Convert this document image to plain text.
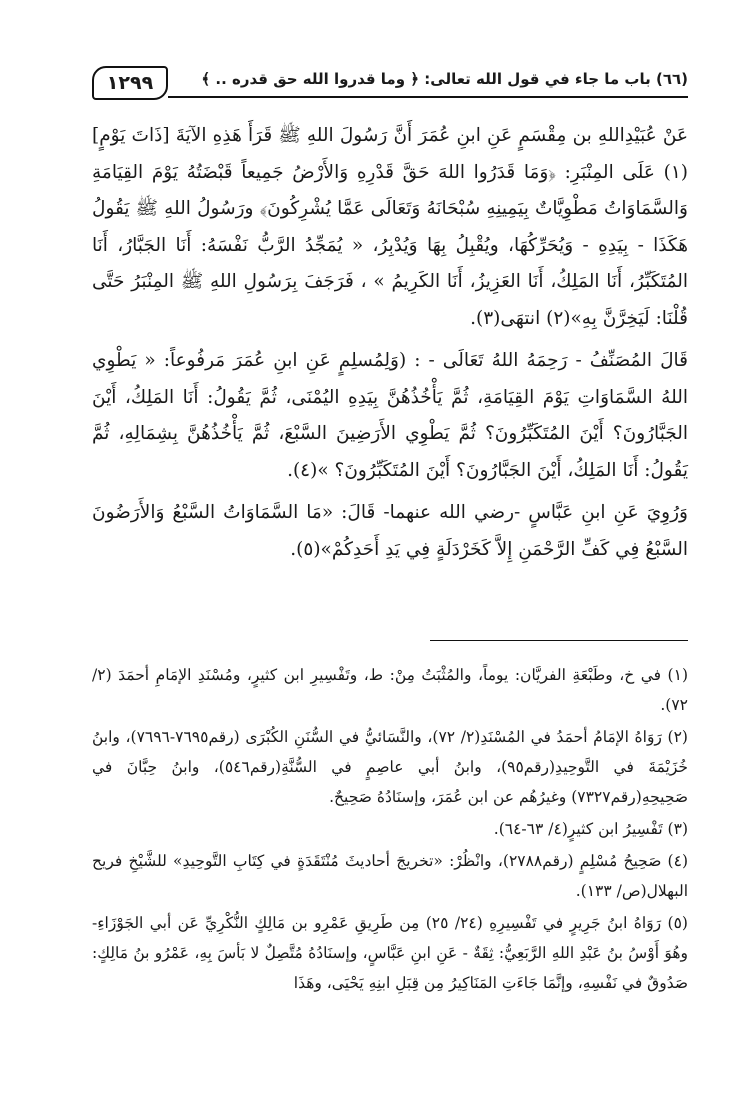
(٦٦) باب ما جاء في قول الله تعالى: ﴿ وما قدروا الله حق قدره .. ﴾
١٢٩٩

عَنْ عُبَيْدِاللهِ بن مِقْسَمٍ عَنِ ابنِ عُمَرَ أَنَّ رَسُولَ اللهِ ﷺ قَرَأَ هَذِهِ الآيَةَ [ذَاتَ يَوْمٍ](١) عَلَى المِنْبَرِ: ﴿وَمَا قَدَرُوا اللهَ حَقَّ قَدْرِهِ وَالأَرْضُ جَمِيعاً قَبْضَتُهُ يَوْمَ القِيَامَةِ وَالسَّمَاوَاتُ مَطْوِيَّاتٌ بِيَمِينِهِ سُبْحَانَهُ وَتَعَالَى عَمَّا يُشْرِكُونَ﴾ ورَسُولُ اللهِ ﷺ يَقُولُ هَكَذَا - بِيَدِهِ - وَيُحَرِّكُهَا، ويُقْبِلُ بِهَا وَيُدْبِرُ، « يُمَجِّدُ الرَّبُّ نَفْسَهُ: أَنَا الجَبَّارُ، أَنَا المُتَكَبِّرُ، أَنَا المَلِكُ، أَنَا العَزِيزُ، أَنَا الكَرِيمُ » ، فَرَجَفَ بِرَسُولِ اللهِ ﷺ المِنْبَرُ حَتَّى قُلْنَا: لَيَخِرَّنَّ بِهِ»(٢) انتهَى(٣).

قَالَ المُصَنِّفُ - رَحِمَهُ اللهُ تَعَالَى - : (وَلِمُسلِمٍ عَنِ ابنِ عُمَرَ مَرفُوعاً: « يَطْوِي اللهُ السَّمَاوَاتِ يَوْمَ القِيَامَةِ، ثُمَّ يَأْخُذُهُنَّ بِيَدِهِ اليُمْنَى، ثُمَّ يَقُولُ: أَنَا المَلِكُ، أَيْنَ الجَبَّارُونَ؟ أَيْنَ المُتَكَبِّرُونَ؟ ثُمَّ يَطْوِي الأَرَضِينَ السَّبْعَ، ثُمَّ يَأْخُذُهُنَّ بِشِمَالِهِ، ثُمَّ يَقُولُ: أَنَا المَلِكُ، أَيْنَ الجَبَّارُونَ؟ أَيْنَ المُتَكَبِّرُونَ؟ »(٤).

وَرُوِيَ عَنِ ابنِ عَبَّاسٍ -رضي الله عنهما- قَالَ: «مَا السَّمَاوَاتُ السَّبْعُ وَالأَرَضُونَ السَّبْعُ فِي كَفِّ الرَّحْمَنِ إِلاَّ كَخَرْدَلَةٍ فِي يَدِ أَحَدِكُمْ»(٥).

(١) في خ، وطَبْعَةِ الفريَّان: يوماً، والمُثْبَتُ مِنْ: ط، وتَفْسِيرِ ابن كثيرٍ، ومُسْنَدِ الإمَامِ أحمَدَ (٢/ ٧٢).

(٢) رَوَاهُ الإمَامُ أحمَدُ في المُسْنَدِ(٢/ ٧٢)، والنَّسَائيُّ في السُّنَنِ الكُبْرَى (رقم٧٦٩٥-٧٦٩٦)، وابنُ خُزَيْمَةَ في التَّوحِيدِ(رقم٩٥)، وابنُ أبي عاصِمٍ في السُّنَّةِ(رقم٥٤٦)، وابنُ حِبَّانَ في صَحِيحِهِ(رقم٧٣٢٧) وغيرُهُم عن ابن عُمَرَ، وإسنَادُهُ صَحِيحٌ.

(٣) تَفْسِيرُ ابن كثيرٍ(٤/ ٦٣-٦٤).

(٤) صَحِيحُ مُسْلِمٍ (رقم٢٧٨٨)، وانْظُرْ: «تخريجَ أحاديثَ مُنْتَقَدَةٍ في كِتَابِ التَّوحِيدِ» للشَّيْخِ فريح البهلال(ص/ ١٣٣).

(٥) رَوَاهُ ابنُ جَرِيرٍ في تَفْسِيرِهِ (٢٤/ ٢٥) مِن طَرِيقِ عَمْرِو بن مَالِكٍ النُّكْرِيِّ عَن أبي الجَوْزَاءِ-وهُوَ أَوْسُ بنُ عَبْدِ اللهِ الرَّبَعِيُّ: ثِقَةٌ - عَنِ ابنِ عَبَّاسٍ، وإسنَادُهُ مُتَّصِلٌ لا بَأسَ بِهِ، عَمْرُو بنُ مَالِكٍ: صَدُوقٌ في نَفْسِهِ، وإنَّمَا جَاءَتِ المَنَاكِيرُ مِن قِبَلِ ابنِهِ يَحْيَى، وهَذَا
